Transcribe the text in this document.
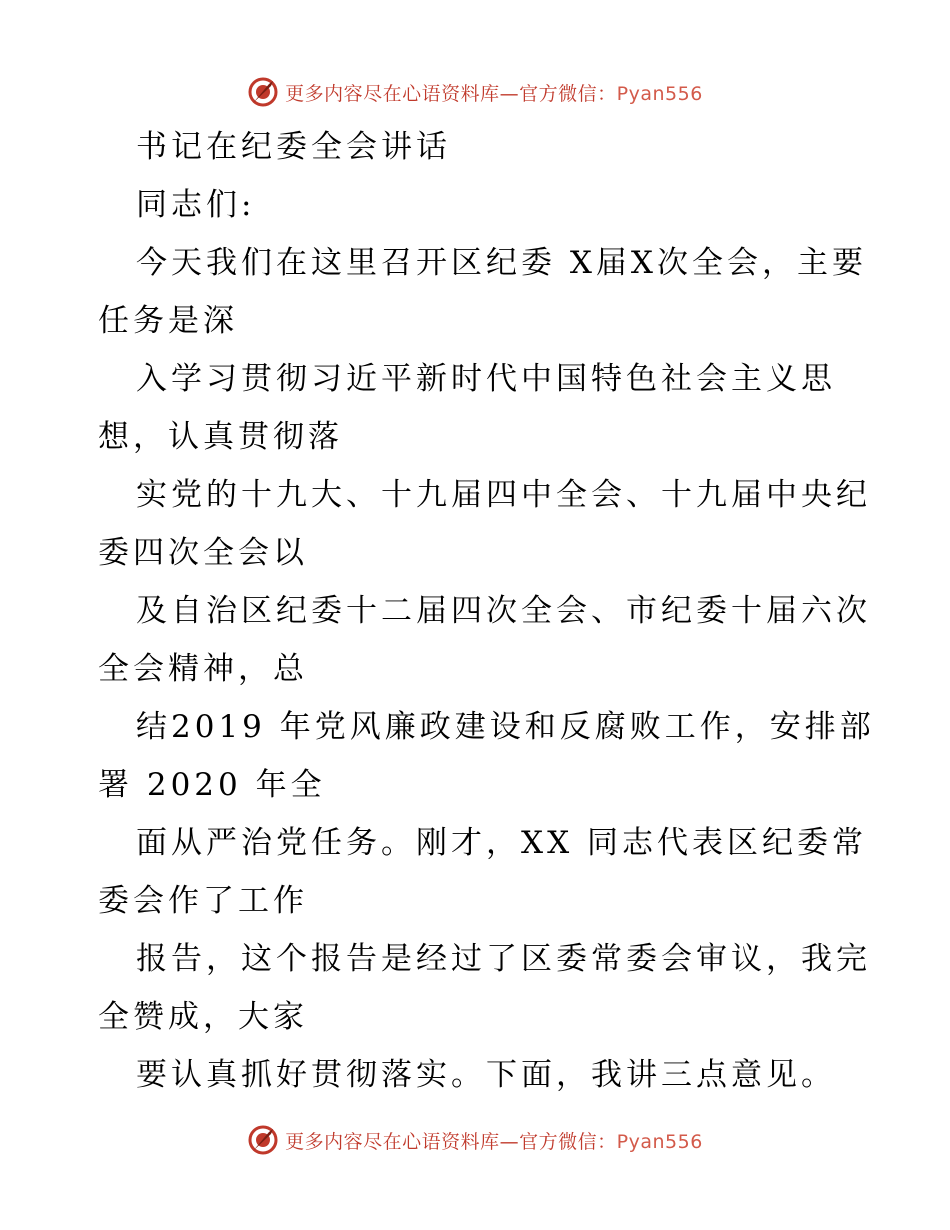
更多内容尽在心语资料库—官方微信：Pyan556
书记在纪委全会讲话
同志们:
今天我们在这里召开区纪委 X届X次全会，主要
任务是深
入学习贯彻习近平新时代中国特色社会主义思
想，认真贯彻落
实党的十九大、十九届四中全会、十九届中央纪
委四次全会以
及自治区纪委十二届四次全会、市纪委十届六次
全会精神，总
结2019 年党风廉政建设和反腐败工作，安排部
署 2020 年全
面从严治党任务。刚才，XX 同志代表区纪委常
委会作了工作
报告，这个报告是经过了区委常委会审议，我完
全赞成，大家
要认真抓好贯彻落实。下面，我讲三点意见。
更多内容尽在心语资料库—官方微信：Pyan556
